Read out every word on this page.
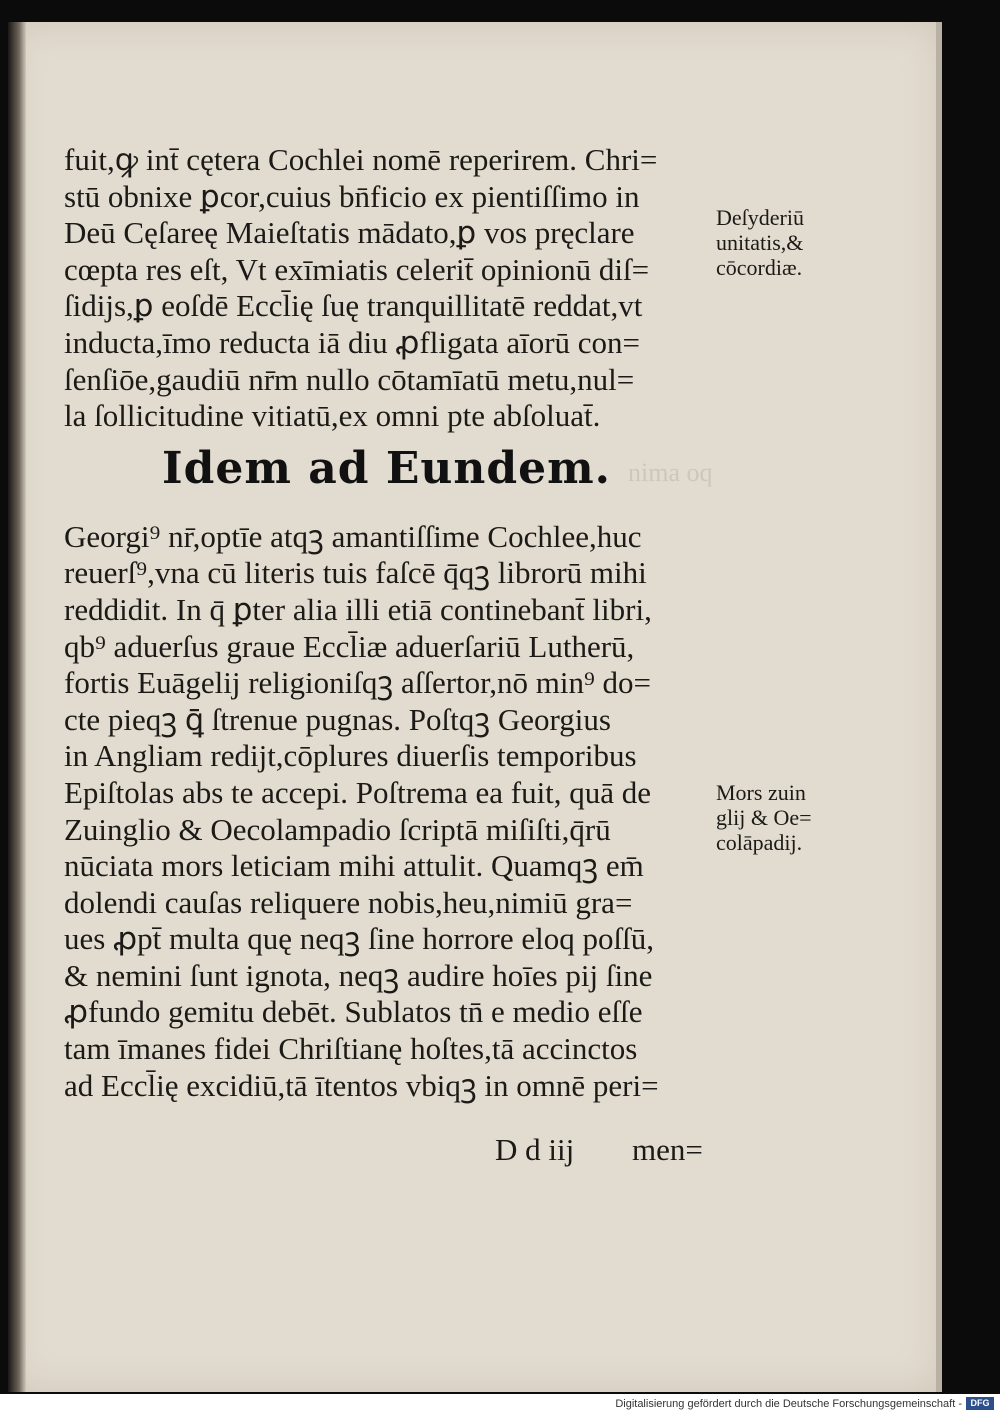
nima oq
fuit,ꝙ int̄ cętera Cochlei nomē reperirem. Chri=
stū obnixe ꝑcor,cuius bn̄ficio ex pientiſſimo in
Deū Cęſareę Maieſtatis mādato,ꝑ vos pręclare
cœpta res eſt, Vt exīmiatis celerit̄ opinionū diſ=
ſidijs,ꝑ eoſdē Eccl̄ię ſuę tranquillitatē reddat,vt
inducta,īmo reducta iā diu ꝓfligata aīorū con=
ſenſiōe,gaudiū nr̄m nullo cōtamīatū metu,nul=
la ſollicitudine vitiatū,ex omni pte abſoluat̄.
Idem ad Eundem.
Georgi⁹ nr̄,optīe atqꝫ amantiſſime Cochlee,huc
reuerſ⁹,vna cū literis tuis faſcē q̄qꝫ librorū mihi
reddidit. In q̄ ꝑter alia illi etiā continebant̄ libri,
qb⁹ aduerſus graue Eccl̄iæ aduerſariū Lutherū,
fortis Euāgelij religioniſqꝫ aſſertor,nō min⁹ do=
cte pieqꝫ ꝗ̄ ſtrenue pugnas. Poſtqꝫ Georgius
in Angliam redijt,cōplures diuerſis temporibus
Epiſtolas abs te accepi. Poſtrema ea fuit, quā de
Zuinglio & Oecolampadio ſcriptā miſiſti,q̄rū
nūciata mors leticiam mihi attulit. Quamqꝫ em̄
dolendi cauſas reliquere nobis,heu,nimiū gra=
ues ꝓpt̄ multa quę neqꝫ ſine horrore eloq poſſū,
& nemini ſunt ignota, neqꝫ audire hoīes pij ſine
ꝓfundo gemitu debēt. Sublatos tn̄ e medio eſſe
tam īmanes fidei Chriſtianę hoſtes,tā accinctos
ad Eccl̄ię excidiū,tā ītentos vbiqꝫ in omnē peri=
D d iij	men=
Deſyderiū
unitatis,&
cōcordiæ.
Mors zuin
glij & Oe=
colāpadij.
Digitalisierung gefördert durch die Deutsche Forschungsgemeinschaft - DFG
